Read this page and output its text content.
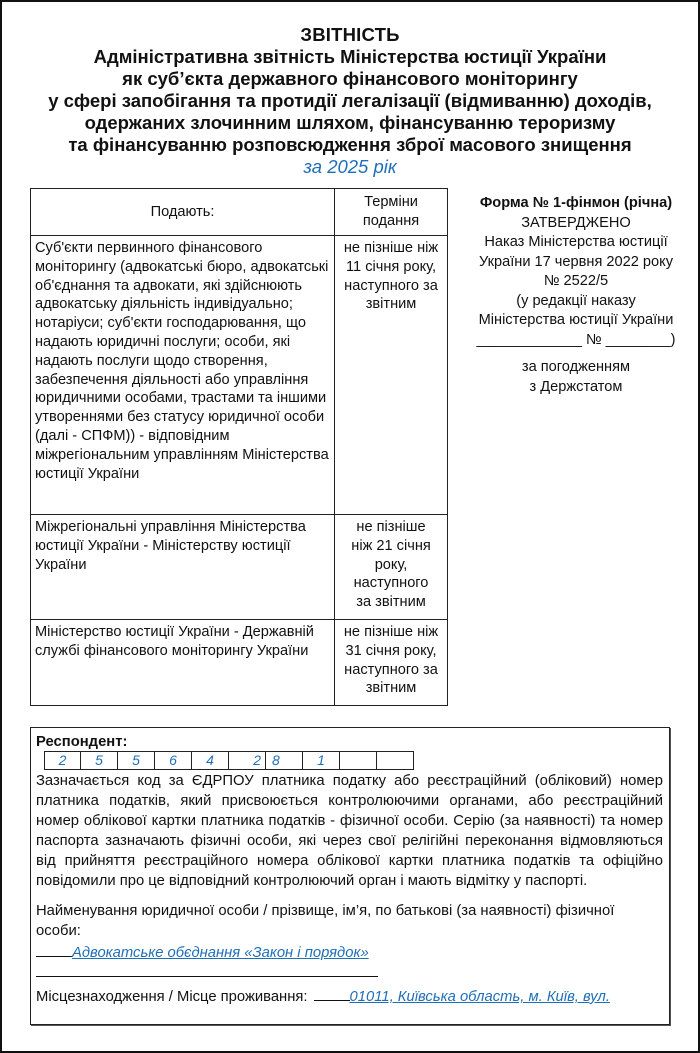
ЗВІТНІСТЬ
Адміністративна звітність Міністерства юстиції України
як суб’єкта державного фінансового моніторингу
у сфері запобігання та протидії легалізації (відмиванню) доходів,
одержаних злочинним шляхом, фінансуванню тероризму
та фінансуванню розповсюдження зброї масового знищення
за 2025 рік
Подають:	Терміни подання
Суб'єкти первинного фінансового моніторингу (адвокатські бюро, адвокатські об'єднання та адвокати, які здійснюють адвокатську діяльність індивідуально; нотаріуси; суб'єкти господарювання, що надають юридичні послуги; особи, які надають послуги щодо створення, забезпечення діяльності або управління юридичними особами, трастами та іншими утвореннями без статусу юридичної особи (далі - СПФМ)) - відповідним міжрегіональним управлінням Міністерства юстиції України	не пізніше ніж 11 січня року, наступного за звітним
Міжрегіональні управління Міністерства юстиції України - Міністерству юстиції України	не пізніше ніж 21 січня року, наступного за звітним
Міністерство юстиції України - Державній службі фінансового моніторингу України	не пізніше ніж 31 січня року, наступного за звітним
Форма № 1-фінмон (річна)
ЗАТВЕРДЖЕНО
Наказ Міністерства юстиції
України 17 червня 2022 року
№ 2522/5
(у редакції наказу
Міністерства юстиції України
_____________ № ________)
за погодженням
з Держстатом
Респондент:
2	5	5	6	4	2 8	1
Зазначається код за ЄДРПОУ платника податку або реєстраційний (обліковий) номер платника податків, який присвоюється контролюючими органами, або реєстраційний номер облікової картки платника податків - фізичної особи. Серію (за наявності) та номер паспорта зазначають фізичні особи, які через свої релігійні переконання відмовляються від прийняття реєстраційного номера облікової картки платника податків та офіційно повідомили про це відповідний контролюючий орган і мають відмітку у паспорті.
Найменування юридичної особи / прізвище, ім’я, по батькові (за наявності) фізичної особи:
Адвокатське обєднання «Закон і порядок»
Місцезнаходження / Місце проживання:	01011, Київська область, м. Київ, вул.
